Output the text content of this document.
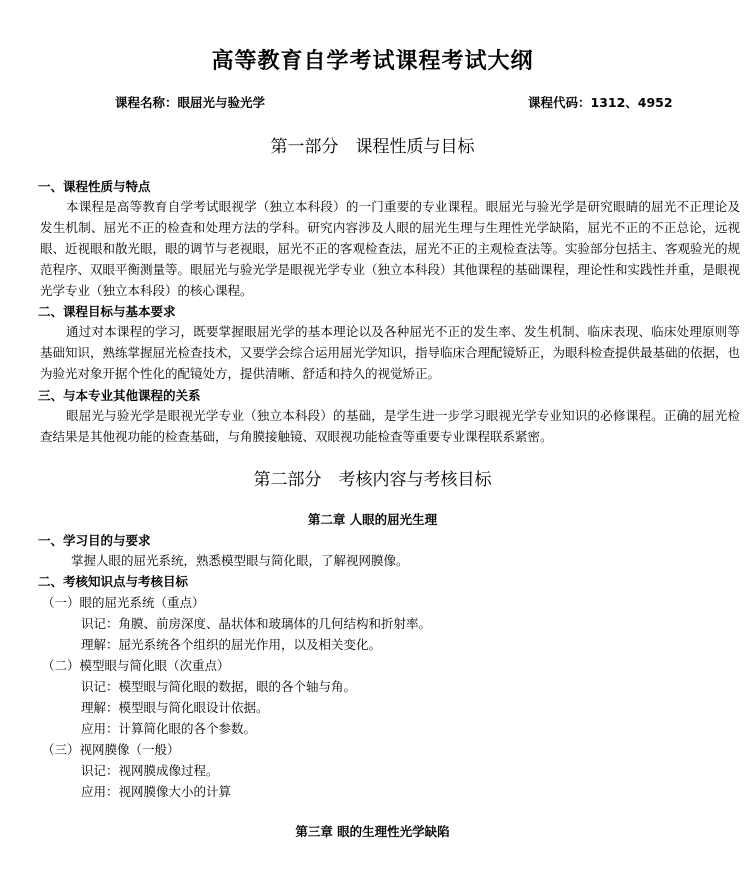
高等教育自学考试课程考试大纲
课程名称：眼屈光与验光学	课程代码：1312、4952
第一部分　课程性质与目标
一、课程性质与特点

本课程是高等教育自学考试眼视学（独立本科段）的一门重要的专业课程。眼屈光与验光学是研究眼睛的屈光不正理论及发生机制、屈光不正的检查和处理方法的学科。研究内容涉及人眼的屈光生理与生理性光学缺陷，屈光不正的不正总论，远视眼、近视眼和散光眼，眼的调节与老视眼，屈光不正的客观检查法，屈光不正的主观检查法等。实验部分包括主、客观验光的规范程序、双眼平衡测量等。眼屈光与验光学是眼视光学专业（独立本科段）其他课程的基础课程，理论性和实践性并重，是眼视光学专业（独立本科段）的核心课程。

二、课程目标与基本要求

通过对本课程的学习，既要掌握眼屈光学的基本理论以及各种屈光不正的发生率、发生机制、临床表现、临床处理原则等基础知识，熟练掌握屈光检查技术，又要学会综合运用屈光学知识，指导临床合理配镜矫正，为眼科检查提供最基础的依据，也为验光对象开据个性化的配镜处方，提供清晰、舒适和持久的视觉矫正。

三、与本专业其他课程的关系

眼屈光与验光学是眼视光学专业（独立本科段）的基础，是学生进一步学习眼视光学专业知识的必修课程。正确的屈光检查结果是其他视功能的检查基础，与角膜接触镜、双眼视功能检查等重要专业课程联系紧密。

第二部分　考核内容与考核目标
第二章 人眼的屈光生理
一、学习目的与要求
掌握人眼的屈光系统，熟悉模型眼与简化眼，了解视网膜像。
二、考核知识点与考核目标
（一）眼的屈光系统（重点）
识记：角膜、前房深度、晶状体和玻璃体的几何结构和折射率。
理解：屈光系统各个组织的屈光作用，以及相关变化。
（二）模型眼与简化眼（次重点）
识记：模型眼与简化眼的数据，眼的各个轴与角。
理解：模型眼与简化眼设计依据。
应用：计算简化眼的各个参数。
（三）视网膜像（一般）
识记：视网膜成像过程。
应用：视网膜像大小的计算
第三章 眼的生理性光学缺陷
